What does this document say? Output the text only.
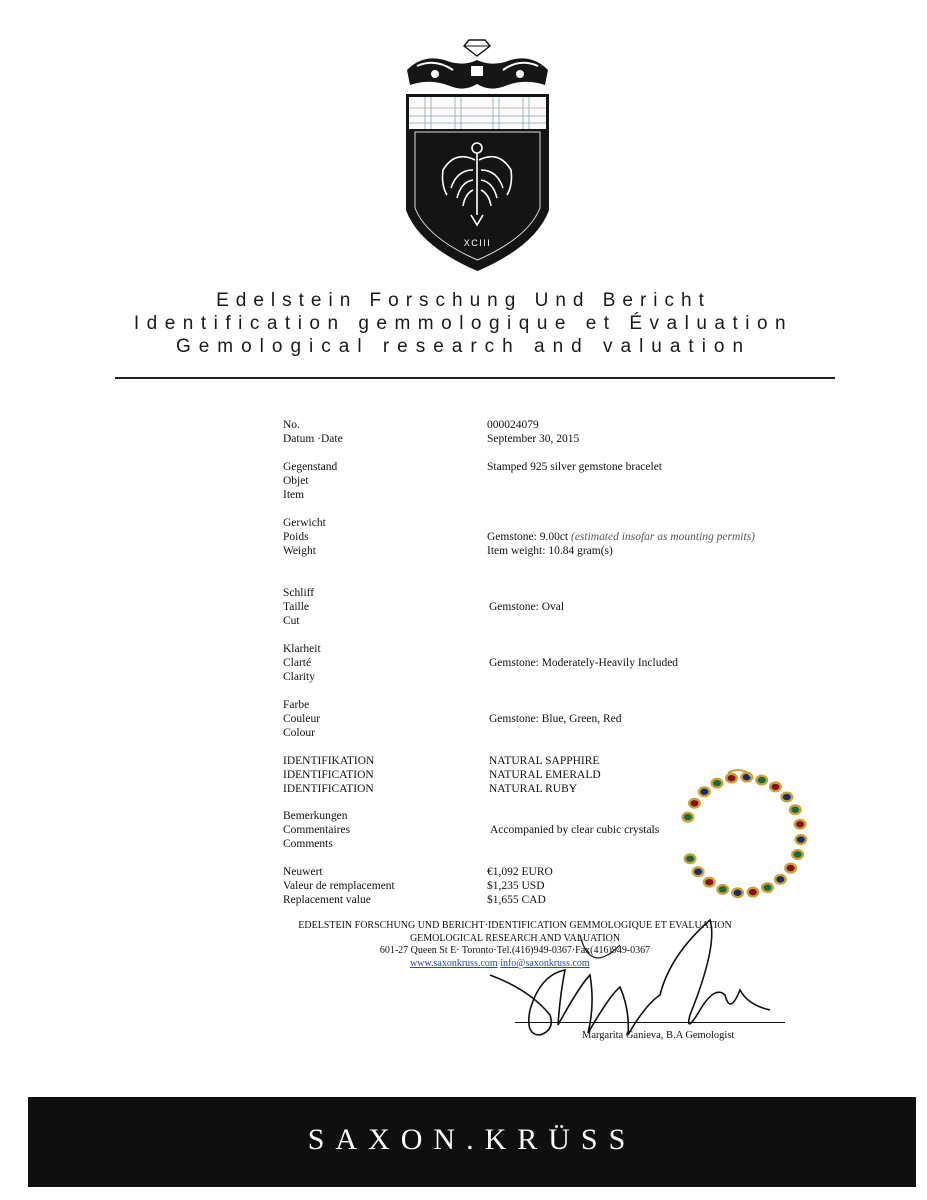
XCIII
Edelstein Forschung Und Bericht
Identification gemmologique et Évaluation
Gemological research and valuation
No.	000024079
Datum ·Date	September 30, 2015
Gegenstand
Objet
Item
Stamped 925 silver gemstone bracelet
Gerwicht
Poids
Weight
Gemstone: 9.00ct (estimated insofar as mounting permits)
Item weight: 10.84 gram(s)
Schliff
Taille
Cut
Gemstone: Oval
Klarheit
Clarté
Clarity
Gemstone: Moderately-Heavily Included
Farbe
Couleur
Colour
Gemstone: Blue, Green, Red
IDENTIFIKATION
IDENTIFICATION
IDENTIFICATION
NATURAL SAPPHIRE
NATURAL EMERALD
NATURAL RUBY
Bemerkungen
Commentaires
Comments
Accompanied by clear cubic crystals
Neuwert
Valeur de remplacement
Replacement value
€1,092 EURO
$1,235 USD
$1,655 CAD
EDELSTEIN FORSCHUNG UND BERICHT·IDENTIFICATION GEMMOLOGIQUE ET EVALUATION
GEMOLOGICAL RESEARCH AND VALUATION
601-27 Queen St E· Toronto·Tel.(416)949-0367·Fax(416)949-0367
www.saxonkruss.com info@saxonkruss.com
Margarita Ganieva, B.A Gemologist
SAXON.KRÜSS
